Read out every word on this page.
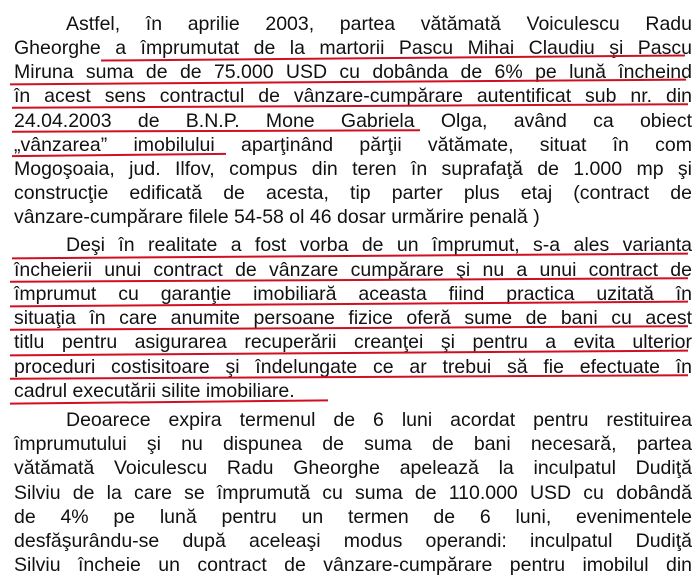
Astfel, în aprilie 2003, partea vătămată Voiculescu Radu
Gheorghe a împrumutat de la martorii Pascu Mihai Claudiu şi Pascu
Miruna suma de de 75.000 USD cu dobânda de 6% pe lună încheind
în acest sens contractul de vânzare-cumpărare autentificat sub nr. din
24.04.2003 de B.N.P. Mone Gabriela Olga, având ca obiect
„vânzarea” imobilului aparţinând părţii vătămate, situat în com
Mogoşoaia, jud. Ilfov, compus din teren în suprafaţă de 1.000 mp şi
construcţie edificată de acesta, tip parter plus etaj (contract de
vânzare-cumpărare filele 54-58 ol 46 dosar urmărire penală )
Deşi în realitate a fost vorba de un împrumut, s-a ales varianta
încheierii unui contract de vânzare cumpărare şi nu a unui contract de
împrumut cu garanţie imobiliară aceasta fiind practica uzitată în
situaţia în care anumite persoane fizice oferă sume de bani cu acest
titlu pentru asigurarea recuperării creanţei şi pentru a evita ulterior
proceduri costisitoare şi îndelungate ce ar trebui să fie efectuate în
cadrul executării silite imobiliare.
Deoarece expira termenul de 6 luni acordat pentru restituirea
împrumutului şi nu dispunea de suma de bani necesară, partea
vătămată Voiculescu Radu Gheorghe apelează la inculpatul Dudiţă
Silviu de la care se împrumută cu suma de 110.000 USD cu dobândă
de 4% pe lună pentru un termen de 6 luni, evenimentele
desfăşurându-se după aceleaşi modus operandi: inculpatul Dudiţă
Silviu încheie un contract de vânzare-cumpărare pentru imobilul din
